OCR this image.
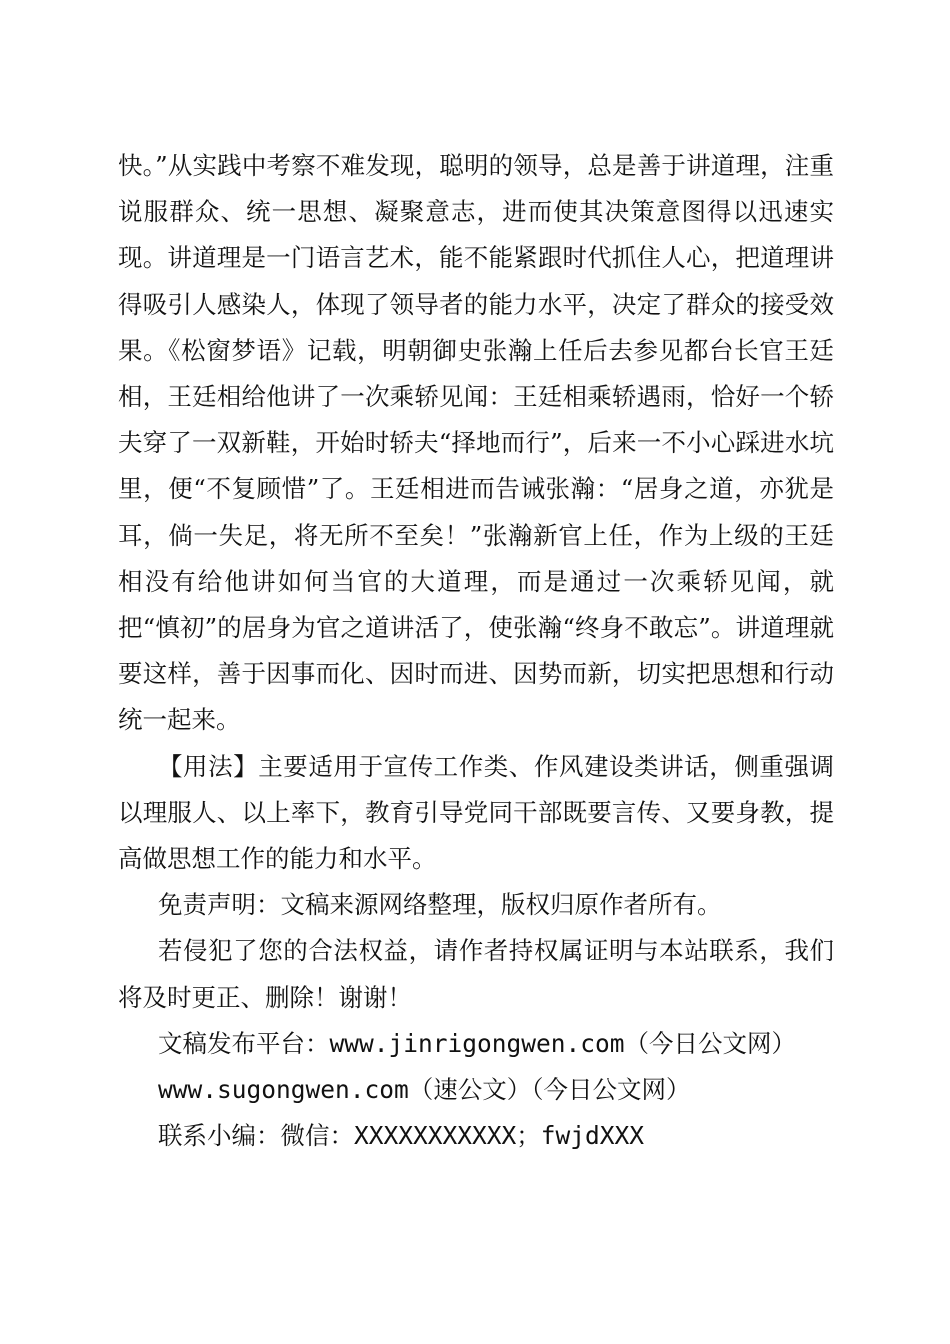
快。”从实践中考察不难发现，聪明的领导，总是善于讲道理，注重说服群众、统一思想、凝聚意志，进而使其决策意图得以迅速实现。讲道理是一门语言艺术，能不能紧跟时代抓住人心，把道理讲得吸引人感染人，体现了领导者的能力水平，决定了群众的接受效果。《松窗梦语》记载，明朝御史张瀚上任后去参见都台长官王廷相，王廷相给他讲了一次乘轿见闻：王廷相乘轿遇雨，恰好一个轿夫穿了一双新鞋，开始时轿夫“择地而行”，后来一不小心踩进水坑里，便“不复顾惜”了。王廷相进而告诫张瀚：“居身之道，亦犹是耳，倘一失足，将无所不至矣！”张瀚新官上任，作为上级的王廷相没有给他讲如何当官的大道理，而是通过一次乘轿见闻，就把“慎初”的居身为官之道讲活了，使张瀚“终身不敢忘”。讲道理就要这样，善于因事而化、因时而进、因势而新，切实把思想和行动统一起来。

【用法】主要适用于宣传工作类、作风建设类讲话，侧重强调以理服人、以上率下，教育引导党同干部既要言传、又要身教，提高做思想工作的能力和水平。

免责声明：文稿来源网络整理，版权归原作者所有。

若侵犯了您的合法权益，请作者持权属证明与本站联系，我们将及时更正、删除！谢谢！

文稿发布平台：www.jinrigongwen.com（今日公文网）
www.sugongwen.com（速公文）（今日公文网）
联系小编：微信：XXXXXXXXXXX；fwjdXXX
